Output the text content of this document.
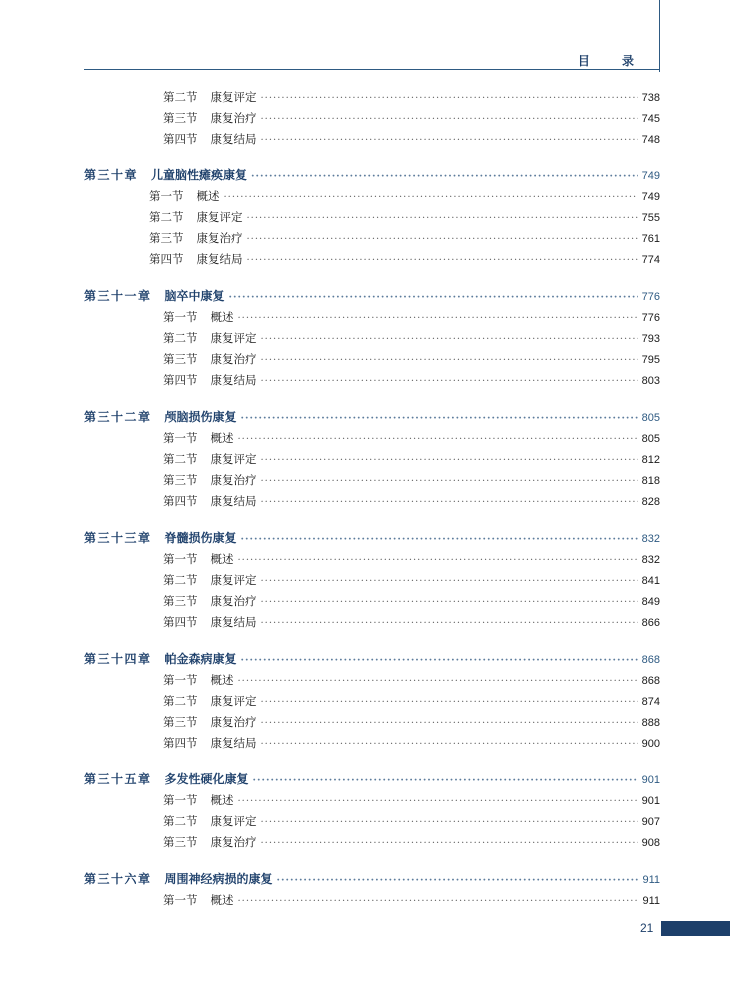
目 录
第二节 康复评定 ·····	738
第三节 康复治疗 ·····	745
第四节 康复结局 ·····	748
第三十章 儿童脑性瘫痪康复 ·····	749
第一节 概述 ·····	749
第二节 康复评定 ·····	755
第三节 康复治疗 ·····	761
第四节 康复结局 ·····	774
第三十一章 脑卒中康复 ·····	776
第一节 概述 ·····	776
第二节 康复评定 ·····	793
第三节 康复治疗 ·····	795
第四节 康复结局 ·····	803
第三十二章 颅脑损伤康复 ·····	805
第一节 概述 ·····	805
第二节 康复评定 ·····	812
第三节 康复治疗 ·····	818
第四节 康复结局 ·····	828
第三十三章 脊髓损伤康复 ·····	832
第一节 概述 ·····	832
第二节 康复评定 ·····	841
第三节 康复治疗 ·····	849
第四节 康复结局 ·····	866
第三十四章 帕金森病康复 ·····	868
第一节 概述 ·····	868
第二节 康复评定 ·····	874
第三节 康复治疗 ·····	888
第四节 康复结局 ·····	900
第三十五章 多发性硬化康复 ·····	901
第一节 概述 ·····	901
第二节 康复评定 ·····	907
第三节 康复治疗 ·····	908
第三十六章 周围神经病损的康复 ·····	911
第一节 概述 ·····	911
21
